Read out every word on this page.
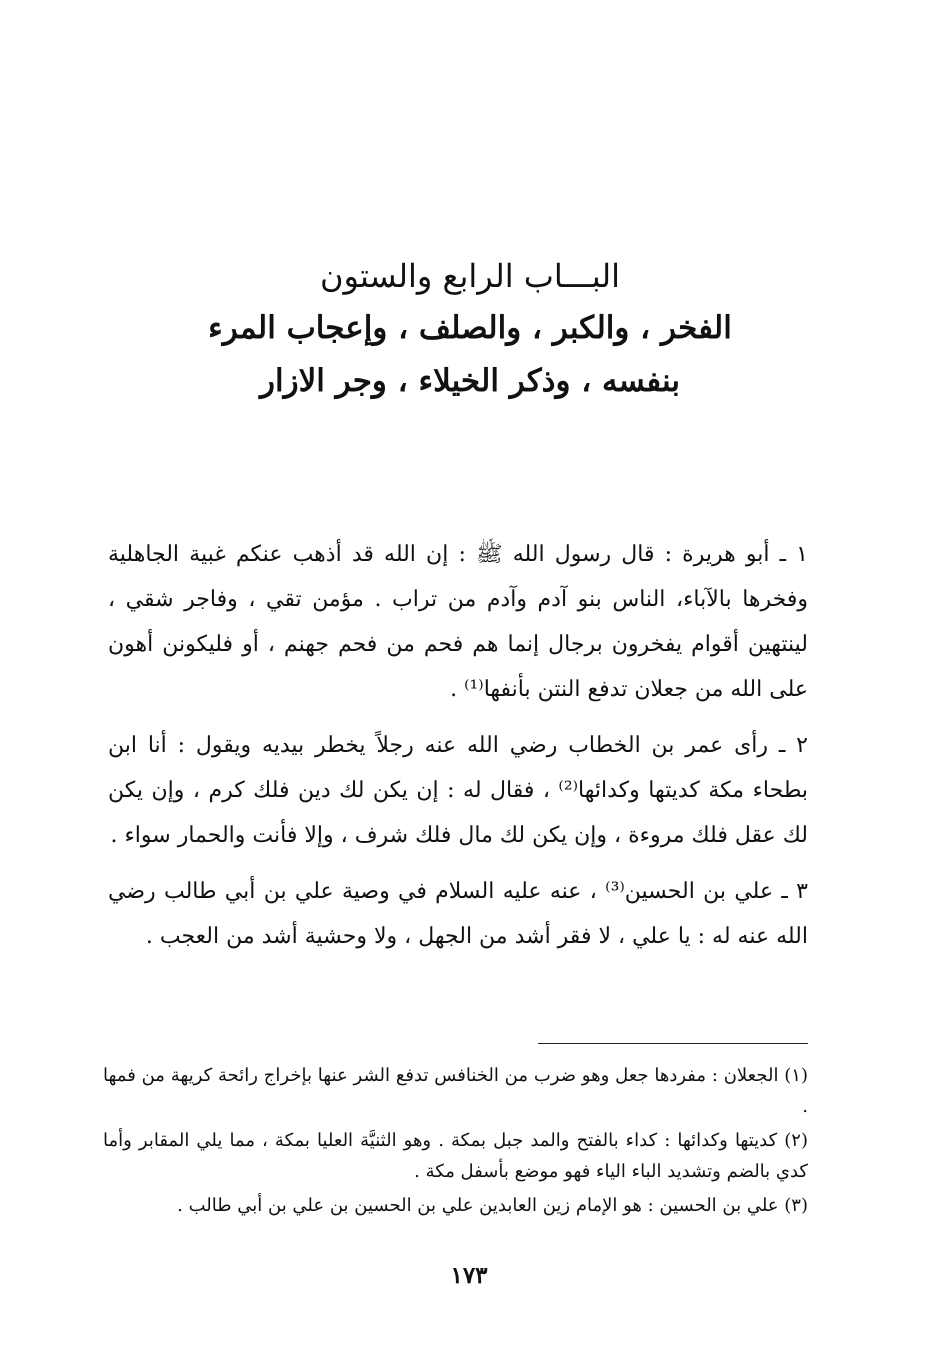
البـــاب الرابع والستون
الفخر ، والكبر ، والصلف ، وإعجاب المرء
بنفسه ، وذكر الخيلاء ، وجر الازار

١ ـ أبو هريرة : قال رسول الله ﷺ : إن الله قد أذهب عنكم غبية الجاهلية وفخرها بالآباء، الناس بنو آدم وآدم من تراب . مؤمن تقي ، وفاجر شقي ، لينتهين أقوام يفخرون برجال إنما هم فحم من فحم جهنم ، أو فليكونن أهون على الله من جعلان تدفع النتن بأنفها⁽¹⁾ .

٢ ـ رأى عمر بن الخطاب رضي الله عنه رجلاً يخطر بيديه ويقول : أنا ابن بطحاء مكة كديتها وكدائها⁽²⁾ ، فقال له : إن يكن لك دين فلك كرم ، وإن يكن لك عقل فلك مروءة ، وإن يكن لك مال فلك شرف ، وإلا فأنت والحمار سواء .

٣ ـ علي بن الحسين⁽³⁾ ، عنه عليه السلام في وصية علي بن أبي طالب رضي الله عنه له : يا علي ، لا فقر أشد من الجهل ، ولا وحشية أشد من العجب .

(١) الجعلان : مفردها جعل وهو ضرب من الخنافس تدفع الشر عنها بإخراج رائحة كريهة من فمها .

(٢) كديتها وكدائها : كداء بالفتح والمد جبل بمكة . وهو الثنيَّة العليا بمكة ، مما يلي المقابر وأما كدي بالضم وتشديد الباء الياء فهو موضع بأسفل مكة .

(٣) علي بن الحسين : هو الإمام زين العابدين علي بن الحسين بن علي بن أبي طالب .

١٧٣
